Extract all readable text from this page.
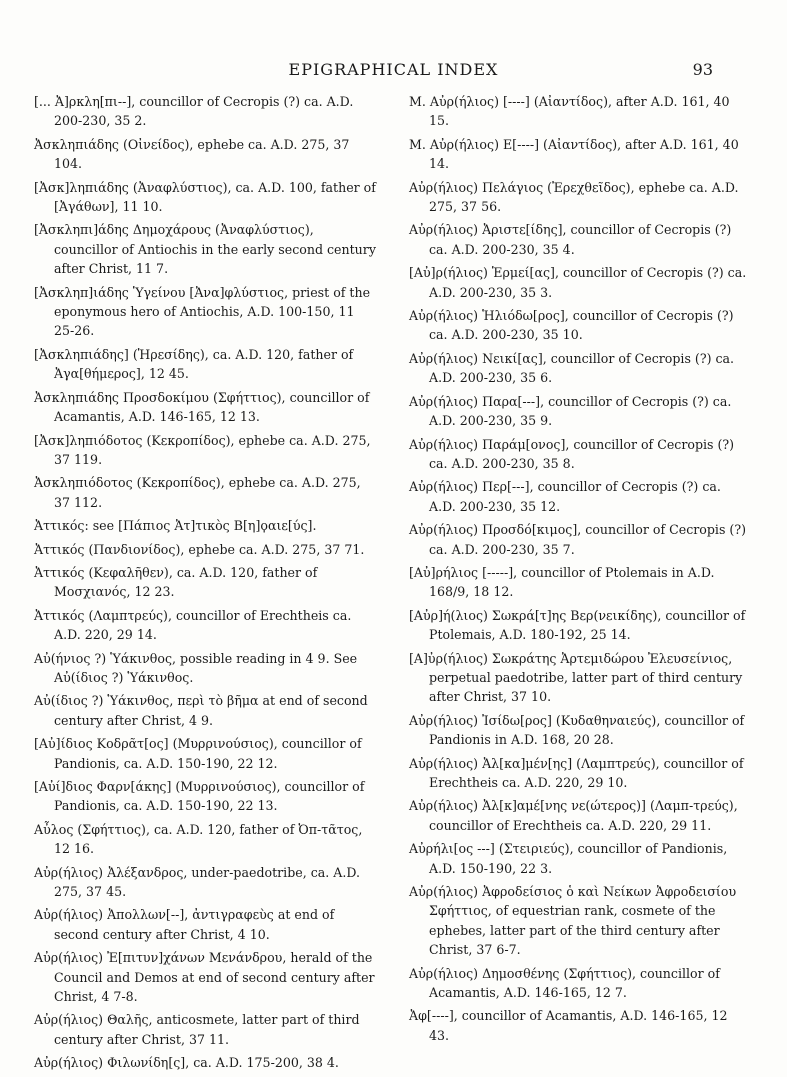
EPIGRAPHICAL INDEX	93

[... Ἀ]ρκλη[πι--], councillor of Cecropis (?) ca. A.D. 200-230, 35 2.

Ἀσκληπιάδης (Οἰνείδος), ephebe ca. A.D. 275, 37 104.

[Ἀσκ]ληπιάδης (Ἀναφλύστιος), ca. A.D. 100, father of [Ἀγάθων], 11 10.

[Ἀσκληπι]άδης Δημοχάρους (Ἀναφλύστιος), councillor of Antiochis in the early second century after Christ, 11 7.

[Ἀσκληπ]ιάδης Ὑγείνου [Ἀνα]φλύστιος, priest of the eponymous hero of Antiochis, A.D. 100-150, 11 25-26.

[Ἀσκληπιάδης] (Ἡρεσίδης), ca. A.D. 120, father of Ἀγα[θήμερος], 12 45.

Ἀσκληπιάδης Προσδοκίμου (Σφήττιος), councillor of Acamantis, A.D. 146-165, 12 13.

[Ἀσκ]ληπιόδοτος (Κεκροπίδος), ephebe ca. A.D. 275, 37 119.

Ἀσκληπιόδοτος (Κεκροπίδος), ephebe ca. A.D. 275, 37 112.

Ἀττικός: see [Πάπιος Ἀτ]τικὸς Β[η]ϙαιε[ύς].

Ἀττικός (Πανδιονίδος), ephebe ca. A.D. 275, 37 71.

Ἀττικός (Κεφαλῆθεν), ca. A.D. 120, father of Μοσχιανός, 12 23.

Ἀττικός (Λαμπτρεύς), councillor of Erechtheis ca. A.D. 220, 29 14.

Αὐ(ήνιος ?) Ὑάκινθος, possible reading in 4 9. See Αὐ(ίδιος ?) Ὑάκινθος.

Αὐ(ίδιος ?) Ὑάκινθος, περὶ τὸ βῆμα at end of second century after Christ, 4 9.

[Αὐ]ίδιος Κοδρᾶτ[ος] (Μυρρινούσιος), councillor of Pandionis, ca. A.D. 150-190, 22 12.

[Αὐί]διος Φαρν[άκης] (Μυρρινούσιος), councillor of Pandionis, ca. A.D. 150-190, 22 13.

Αὖλος (Σφήττιος), ca. A.D. 120, father of Ὀπ-τᾶτος, 12 16.

Αὐρ(ήλιος) Ἀλέξανδρος, under-paedotribe, ca. A.D. 275, 37 45.

Αὐρ(ήλιος) Ἀπολλων[--], ἀντιγραφεὺς at end of second century after Christ, 4 10.

Αὐρ(ήλιος) Ἐ[πιτυν]χάνων Μενάνδρου, herald of the Council and Demos at end of second century after Christ, 4 7-8.

Αὐρ(ήλιος) Θαλῆς, anticosmete, latter part of third century after Christ, 37 11.

Αὐρ(ήλιος) Φιλωνίδη[ς], ca. A.D. 175-200, 38 4.

M. Αὐρ(ήλιος) [----] (Αἰαντίδος), after A.D. 161, 40 15.

M. Αὐρ(ήλιος) Ε[----] (Αἰαντίδος), after A.D. 161, 40 14.

Αὐρ(ήλιος) Πελάγιος (Ἐρεχθεῖδος), ephebe ca. A.D. 275, 37 56.

Αὐρ(ήλιος) Ἀριστε[ίδης], councillor of Cecropis (?) ca. A.D. 200-230, 35 4.

[Αὐ]ρ(ήλιος) Ἑρμεί[ας], councillor of Cecropis (?) ca. A.D. 200-230, 35 3.

Αὐρ(ήλιος) Ἡλιόδω[ρος], councillor of Cecropis (?) ca. A.D. 200-230, 35 10.

Αὐρ(ήλιος) Νεικί[ας], councillor of Cecropis (?) ca. A.D. 200-230, 35 6.

Αὐρ(ήλιος) Παρα[---], councillor of Cecropis (?) ca. A.D. 200-230, 35 9.

Αὐρ(ήλιος) Παράμ[ονος], councillor of Cecropis (?) ca. A.D. 200-230, 35 8.

Αὐρ(ήλιος) Περ[---], councillor of Cecropis (?) ca. A.D. 200-230, 35 12.

Αὐρ(ήλιος) Προσδό[κιμος], councillor of Cecropis (?) ca. A.D. 200-230, 35 7.

[Αὐ]ρήλιος [-----], councillor of Ptolemais in A.D. 168/9, 18 12.

[Αὐρ]ή(λιος) Σωκρά[τ]ης Βερ(νεικίδης), councillor of Ptolemais, A.D. 180-192, 25 14.

[Α]ὐρ(ήλιος) Σωκράτης Ἀρτεμιδώρου Ἐλευσείνιος, perpetual paedotribe, latter part of third century after Christ, 37 10.

Αὐρ(ήλιος) Ἰσίδω[ρος] (Κυδαθηναιεύς), councillor of Pandionis in A.D. 168, 20 28.

Αὐρ(ήλιος) Ἀλ[κα]μέν[ης] (Λαμπτρεύς), councillor of Erechtheis ca. A.D. 220, 29 10.

Αὐρ(ήλιος) Ἀλ[κ]αμέ[νης νε(ώτερος)] (Λαμπ-τρεύς), councillor of Erechtheis ca. A.D. 220, 29 11.

Αὐρήλι[ος ---] (Στειριεύς), councillor of Pandionis, A.D. 150-190, 22 3.

Αὐρ(ήλιος) Ἀφροδείσιος ὁ καὶ Νείκων Ἀφροδεισίου Σφήττιος, of equestrian rank, cosmete of the ephebes, latter part of the third century after Christ, 37 6-7.

Αὐρ(ήλιος) Δημοσθένης (Σφήττιος), councillor of Acamantis, A.D. 146-165, 12 7.

Ἀφ[----], councillor of Acamantis, A.D. 146-165, 12 43.
